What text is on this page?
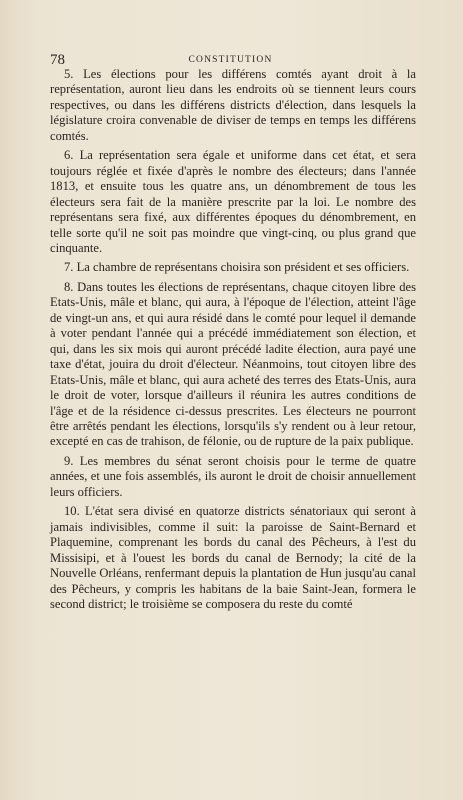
78	CONSTITUTION

5. Les élections pour les différens comtés ayant droit à la représentation, auront lieu dans les endroits où se tiennent leurs cours respectives, ou dans les différens districts d'élection, dans lesquels la législature croira convenable de diviser de temps en temps les différens comtés.

6. La représentation sera égale et uniforme dans cet état, et sera toujours réglée et fixée d'après le nombre des électeurs; dans l'année 1813, et ensuite tous les quatre ans, un dénombrement de tous les électeurs sera fait de la manière prescrite par la loi. Le nombre des représentans sera fixé, aux différentes époques du dénombrement, en telle sorte qu'il ne soit pas moindre que vingt-cinq, ou plus grand que cinquante.

7. La chambre de représentans choisira son président et ses officiers.

8. Dans toutes les élections de représentans, chaque citoyen libre des Etats-Unis, mâle et blanc, qui aura, à l'époque de l'élection, atteint l'âge de vingt-un ans, et qui aura résidé dans le comté pour lequel il demande à voter pendant l'année qui a précédé immédiatement son élection, et qui, dans les six mois qui auront précédé ladite élection, aura payé une taxe d'état, jouira du droit d'électeur. Néanmoins, tout citoyen libre des Etats-Unis, mâle et blanc, qui aura acheté des terres des Etats-Unis, aura le droit de voter, lorsque d'ailleurs il réunira les autres conditions de l'âge et de la résidence ci-dessus prescrites. Les électeurs ne pourront être arrêtés pendant les élections, lorsqu'ils s'y rendent ou à leur retour, excepté en cas de trahison, de félonie, ou de rupture de la paix publique.

9. Les membres du sénat seront choisis pour le terme de quatre années, et une fois assemblés, ils auront le droit de choisir annuellement leurs officiers.

10. L'état sera divisé en quatorze districts sénatoriaux qui seront à jamais indivisibles, comme il suit: la paroisse de Saint-Bernard et Plaquemine, comprenant les bords du canal des Pêcheurs, à l'est du Missisipi, et à l'ouest les bords du canal de Bernody; la cité de la Nouvelle Orléans, renfermant depuis la plantation de Hun jusqu'au canal des Pêcheurs, y compris les habitans de la baie Saint-Jean, formera le second district; le troisième se composera du reste du comté
